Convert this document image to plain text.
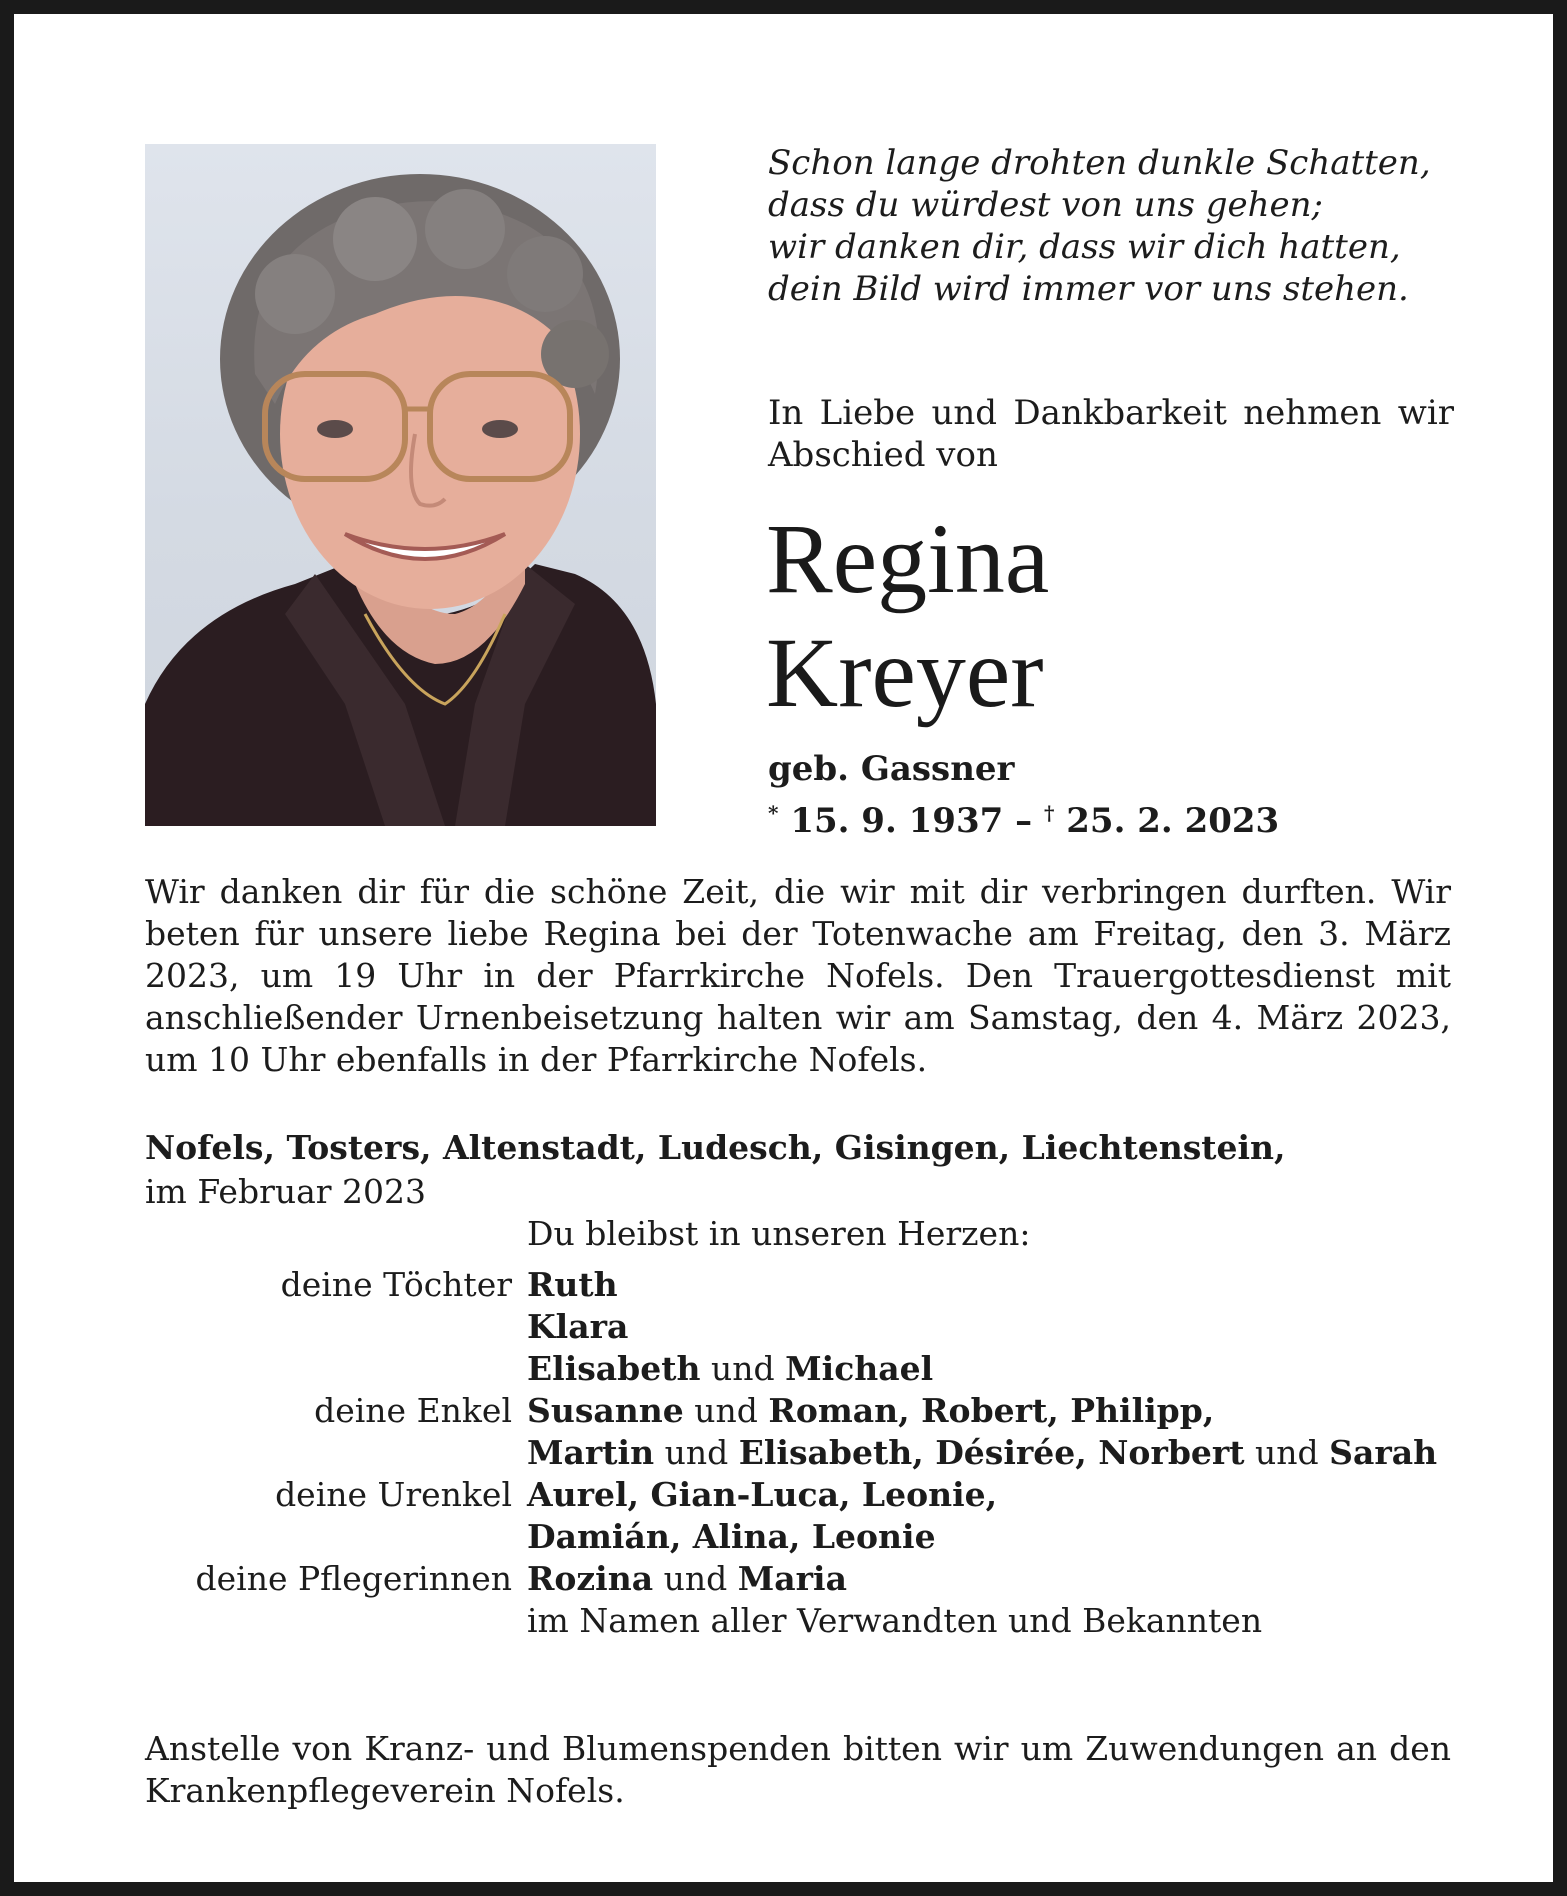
Schon lange drohten dunkle Schatten,
dass du würdest von uns gehen;
wir danken dir, dass wir dich hatten,
dein Bild wird immer vor uns stehen.
In Liebe und Dankbarkeit nehmen wir Abschied von
Regina
Kreyer
geb. Gassner
* 15. 9. 1937 – † 25. 2. 2023
Wir danken dir für die schöne Zeit, die wir mit dir verbringen durften. Wir beten für unsere liebe Regina bei der Totenwache am Freitag, den 3. März 2023, um 19 Uhr in der Pfarrkirche Nofels. Den Trauergottesdienst mit anschließender Urnenbeisetzung halten wir am Samstag, den 4. März 2023, um 10 Uhr ebenfalls in der Pfarrkirche Nofels.
Nofels, Tosters, Altenstadt, Ludesch, Gisingen, Liechtenstein,
im Februar 2023
Du bleibst in unseren Herzen:
deine Töchter Ruth
Klara
Elisabeth und Michael
deine Enkel Susanne und Roman, Robert, Philipp,
Martin und Elisabeth, Désirée, Norbert und Sarah
deine Urenkel Aurel, Gian-Luca, Leonie,
Damián, Alina, Leonie
deine Pflegerinnen Rozina und Maria
im Namen aller Verwandten und Bekannten
Anstelle von Kranz- und Blumenspenden bitten wir um Zuwendungen an den Krankenpflegeverein Nofels.
